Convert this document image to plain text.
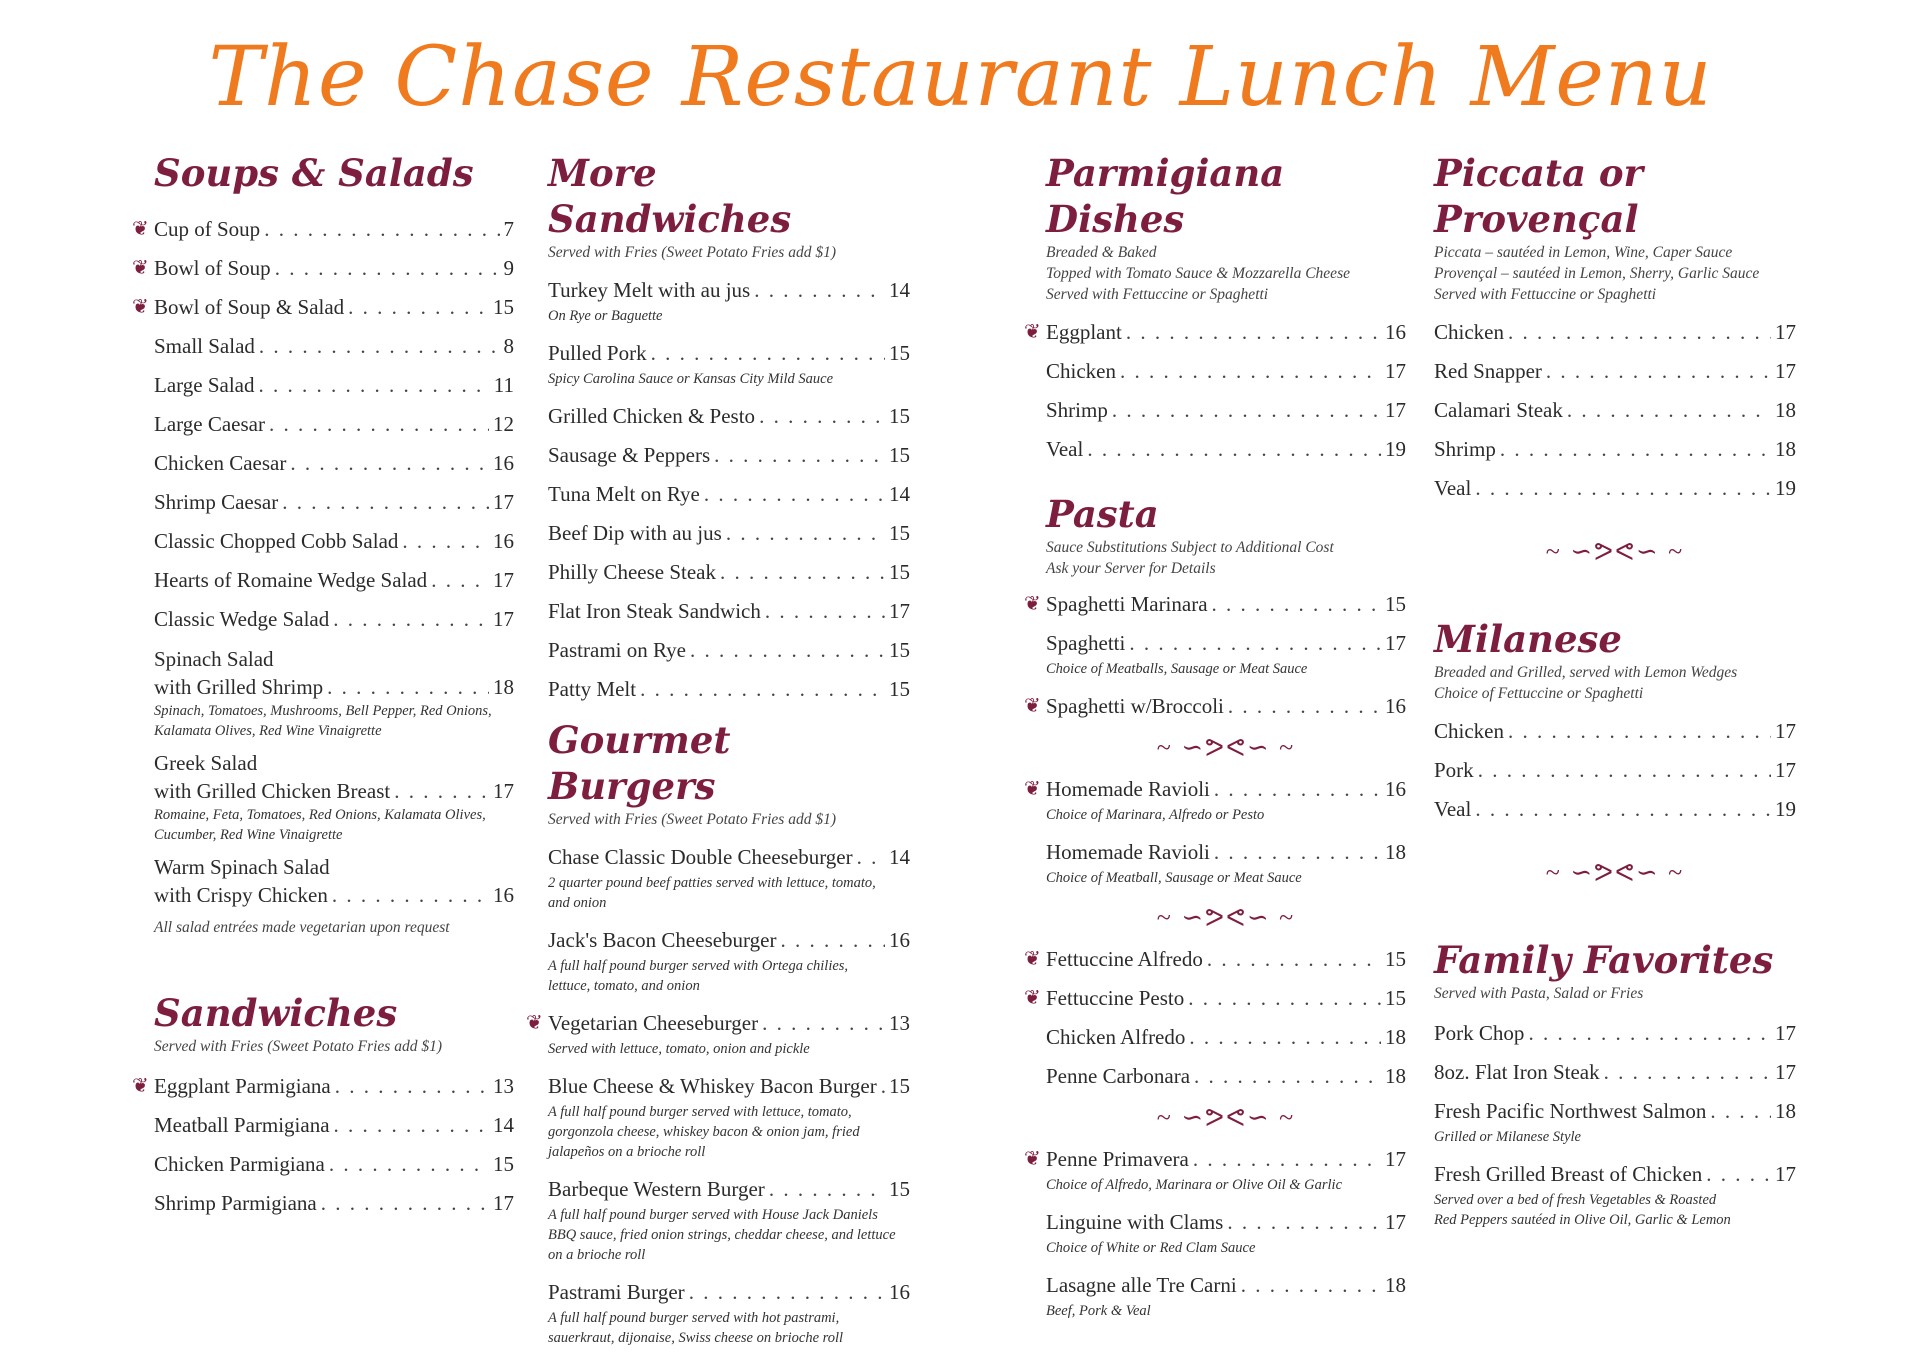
The Chase Restaurant Lunch Menu
Soups & Salads
❦ Cup of Soup . . .	7
❦ Bowl of Soup . . .	9
❦ Bowl of Soup & Salad . . .	15
Small Salad . . .	8
Large Salad . . .	11
Large Caesar . . .	12
Chicken Caesar . . .	16
Shrimp Caesar . . .	17
Classic Chopped Cobb Salad . . .	16
Hearts of Romaine Wedge Salad . . .	17
Classic Wedge Salad . . .	17
Spinach Salad
with Grilled Shrimp . . .	18
Spinach, Tomatoes, Mushrooms, Bell Pepper, Red Onions,
Kalamata Olives, Red Wine Vinaigrette
Greek Salad
with Grilled Chicken Breast . . .	17
Romaine, Feta, Tomatoes, Red Onions, Kalamata Olives,
Cucumber, Red Wine Vinaigrette
Warm Spinach Salad
with Crispy Chicken . . .	16
All salad entrées made vegetarian upon request
Sandwiches
Served with Fries (Sweet Potato Fries add $1)
❦ Eggplant Parmigiana . . .	13
Meatball Parmigiana . . .	14
Chicken Parmigiana . . .	15
Shrimp Parmigiana . . .	17
More Sandwiches
Served with Fries (Sweet Potato Fries add $1)
Turkey Melt with au jus . . .	14
On Rye or Baguette
Pulled Pork . . .	15
Spicy Carolina Sauce or Kansas City Mild Sauce
Grilled Chicken & Pesto . . .	15
Sausage & Peppers . . .	15
Tuna Melt on Rye . . .	14
Beef Dip with au jus . . .	15
Philly Cheese Steak . . .	15
Flat Iron Steak Sandwich . . .	17
Pastrami on Rye . . .	15
Patty Melt . . .	15
Gourmet Burgers
Served with Fries (Sweet Potato Fries add $1)
Chase Classic Double Cheeseburger . . . 14
2 quarter pound beef patties served with lettuce, tomato,
and onion
Jack's Bacon Cheeseburger . . .	16
A full half pound burger served with Ortega chilies,
lettuce, tomato, and onion
❦ Vegetarian Cheeseburger . . .	13
Served with lettuce, tomato, onion and pickle
Blue Cheese & Whiskey Bacon Burger . . . 15
A full half pound burger served with lettuce, tomato,
gorgonzola cheese, whiskey bacon & onion jam, fried
jalapeños on a brioche roll
Barbeque Western Burger . . .	15
A full half pound burger served with House Jack Daniels
BBQ sauce, fried onion strings, cheddar cheese, and lettuce
on a brioche roll
Pastrami Burger . . .	16
A full half pound burger served with hot pastrami,
sauerkraut, dijonaise, Swiss cheese on brioche roll
Parmigiana Dishes
Breaded & Baked
Topped with Tomato Sauce & Mozzarella Cheese
Served with Fettuccine or Spaghetti
❦ Eggplant . . .	16
Chicken . . .	17
Shrimp . . .	17
Veal . . .	19
Pasta
Sauce Substitutions Subject to Additional Cost
Ask your Server for Details
❦ Spaghetti Marinara . . .	15
Spaghetti . . .	17
Choice of Meatballs, Sausage or Meat Sauce
❦ Spaghetti w/Broccoli . . .	16
~ ∽ᕗᕙ∽ ~
❦ Homemade Ravioli . . .	16
Choice of Marinara, Alfredo or Pesto
Homemade Ravioli . . .	18
Choice of Meatball, Sausage or Meat Sauce
~ ∽ᕗᕙ∽ ~
❦ Fettuccine Alfredo . . .	15
❦ Fettuccine Pesto . . .	15
Chicken Alfredo . . .	18
Penne Carbonara . . .	18
~ ∽ᕗᕙ∽ ~
❦ Penne Primavera . . .	17
Choice of Alfredo, Marinara or Olive Oil & Garlic
Linguine with Clams . . .	17
Choice of White or Red Clam Sauce
Lasagne alle Tre Carni . . .	18
Beef, Pork & Veal
Piccata or Provençal
Piccata – sautéed in Lemon, Wine, Caper Sauce
Provençal – sautéed in Lemon, Sherry, Garlic Sauce
Served with Fettuccine or Spaghetti
Chicken . . .	17
Red Snapper . . .	17
Calamari Steak . . .	18
Shrimp . . .	18
Veal . . .	19
~ ∽ᕗᕙ∽ ~
Milanese
Breaded and Grilled, served with Lemon Wedges
Choice of Fettuccine or Spaghetti
Chicken . . .	17
Pork . . .	17
Veal . . .	19
~ ∽ᕗᕙ∽ ~
Family Favorites
Served with Pasta, Salad or Fries
Pork Chop . . .	17
8oz. Flat Iron Steak . . .	17
Fresh Pacific Northwest Salmon . . .	18
Grilled or Milanese Style
Fresh Grilled Breast of Chicken . . .	17
Served over a bed of fresh Vegetables & Roasted
Red Peppers sautéed in Olive Oil, Garlic & Lemon
